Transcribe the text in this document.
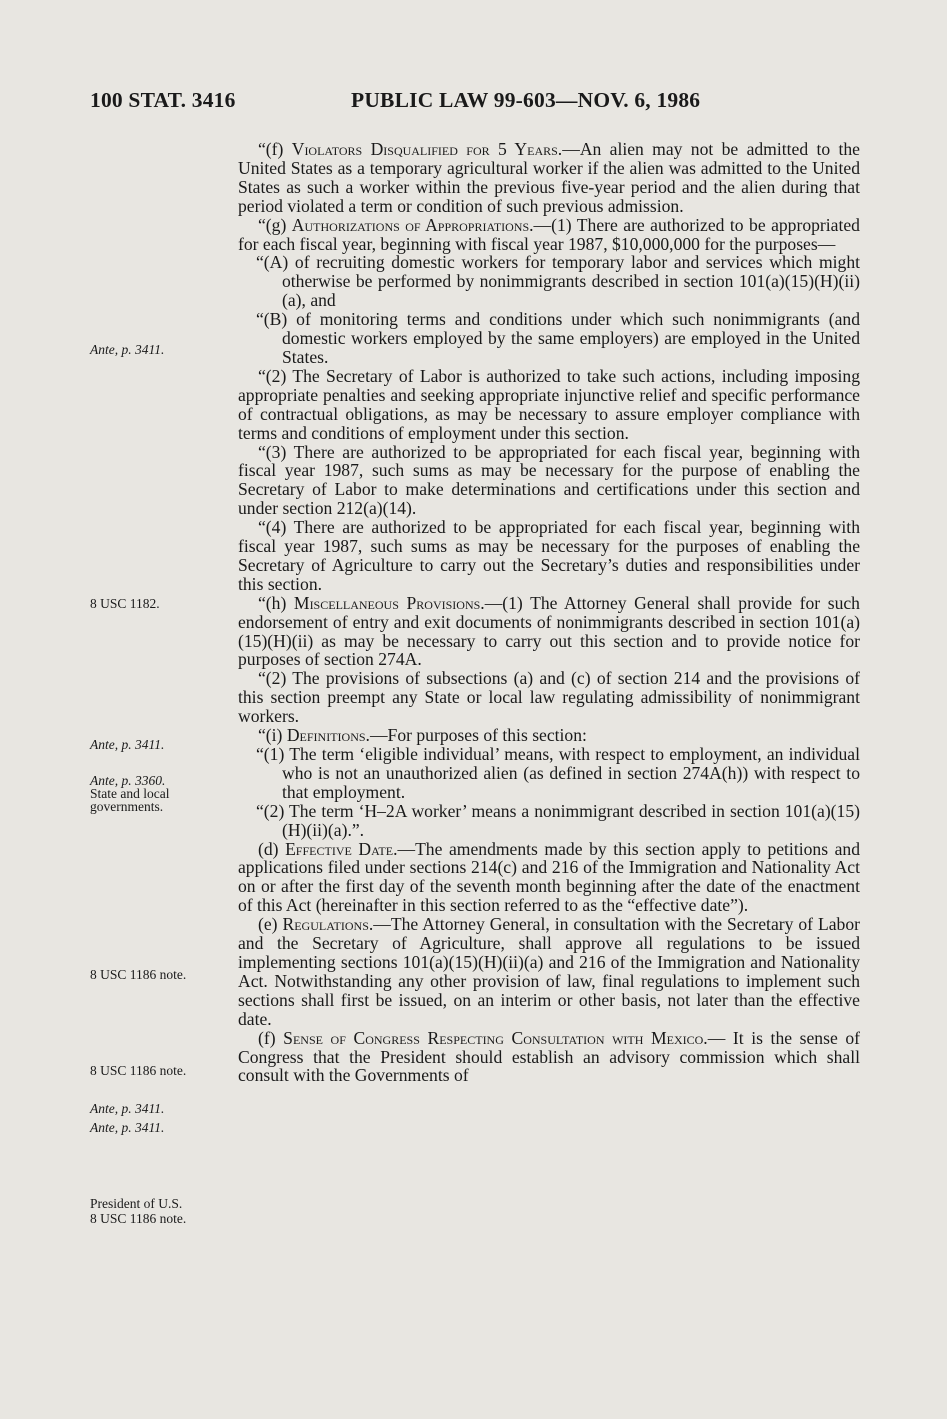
100 STAT. 3416	PUBLIC LAW 99-603—NOV. 6, 1986
Ante, p. 3411.
8 USC 1182.
Ante, p. 3411.
Ante, p. 3360.
State and local
governments.
8 USC 1186 note.
8 USC 1186 note.
Ante, p. 3411.
Ante, p. 3411.
President of U.S.
8 USC 1186 note.

“(f) Violators Disqualified for 5 Years.—An alien may not be admitted to the United States as a temporary agricultural worker if the alien was admitted to the United States as such a worker within the previous five-year period and the alien during that period violated a term or condition of such previous admission.

“(g) Authorizations of Appropriations.—(1) There are authorized to be appropriated for each fiscal year, beginning with fiscal year 1987, $10,000,000 for the purposes—

“(A) of recruiting domestic workers for temporary labor and services which might otherwise be performed by nonimmigrants described in section 101(a)(15)(H)(ii)(a), and

“(B) of monitoring terms and conditions under which such nonimmigrants (and domestic workers employed by the same employers) are employed in the United States.

“(2) The Secretary of Labor is authorized to take such actions, including imposing appropriate penalties and seeking appropriate injunctive relief and specific performance of contractual obligations, as may be necessary to assure employer compliance with terms and conditions of employment under this section.

“(3) There are authorized to be appropriated for each fiscal year, beginning with fiscal year 1987, such sums as may be necessary for the purpose of enabling the Secretary of Labor to make determinations and certifications under this section and under section 212(a)(14).

“(4) There are authorized to be appropriated for each fiscal year, beginning with fiscal year 1987, such sums as may be necessary for the purposes of enabling the Secretary of Agriculture to carry out the Secretary’s duties and responsibilities under this section.

“(h) Miscellaneous Provisions.—(1) The Attorney General shall provide for such endorsement of entry and exit documents of nonimmigrants described in section 101(a)(15)(H)(ii) as may be necessary to carry out this section and to provide notice for purposes of section 274A.

“(2) The provisions of subsections (a) and (c) of section 214 and the provisions of this section preempt any State or local law regulating admissibility of nonimmigrant workers.

“(i) Definitions.—For purposes of this section:

“(1) The term ‘eligible individual’ means, with respect to employment, an individual who is not an unauthorized alien (as defined in section 274A(h)) with respect to that employment.

“(2) The term ‘H–2A worker’ means a nonimmigrant described in section 101(a)(15)(H)(ii)(a).”.

(d) Effective Date.—The amendments made by this section apply to petitions and applications filed under sections 214(c) and 216 of the Immigration and Nationality Act on or after the first day of the seventh month beginning after the date of the enactment of this Act (hereinafter in this section referred to as the “effective date”).

(e) Regulations.—The Attorney General, in consultation with the Secretary of Labor and the Secretary of Agriculture, shall approve all regulations to be issued implementing sections 101(a)(15)(H)(ii)(a) and 216 of the Immigration and Nationality Act. Notwithstanding any other provision of law, final regulations to implement such sections shall first be issued, on an interim or other basis, not later than the effective date.

(f) Sense of Congress Respecting Consultation with Mexico.— It is the sense of Congress that the President should establish an advisory commission which shall consult with the Governments of
